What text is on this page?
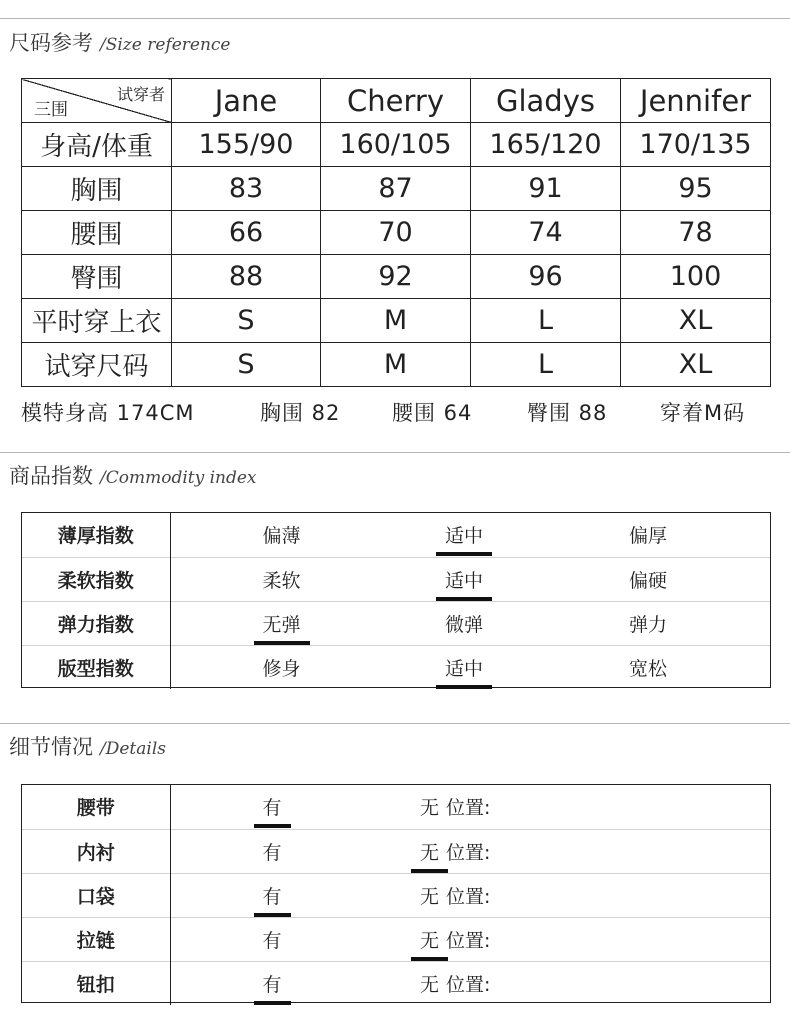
尺码参考 /Size reference
试穿者
三围	Jane	Cherry	Gladys	Jennifer
身高/体重	155/90	160/105	165/120	170/135
胸围	83	87	91	95
腰围	66	70	74	78
臀围	88	92	96	100
平时穿上衣	S	M	L	XL
试穿尺码	S	M	L	XL
模特身高 174CM	胸围 82 腰围 64	臀围 88	穿着M码
商品指数 /Commodity index
薄厚指数	偏薄	适中	偏厚
柔软指数	柔软	适中	偏硬
弹力指数	无弹	微弹	弹力
版型指数	修身	适中	宽松
细节情况 /Details
腰带	有	无	位置:
内衬	有	无	位置:
口袋	有	无	位置:
拉链	有	无	位置:
钮扣	有	无	位置:
